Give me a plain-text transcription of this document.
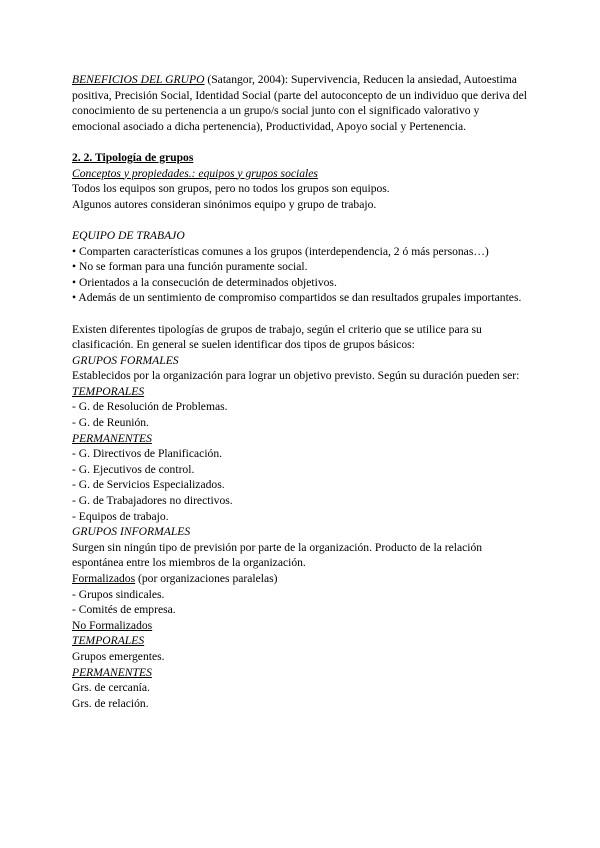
BENEFICIOS DEL GRUPO (Satangor, 2004): Supervivencia, Reducen la ansiedad, Autoestima positiva, Precisión Social, Identidad Social (parte del autoconcepto de un individuo que deriva del conocimiento de su pertenencia a un grupo/s social junto con el significado valorativo y emocional asociado a dicha pertenencia), Productividad, Apoyo social y Pertenencia.

2. 2. Tipología de grupos

Conceptos y propiedades.: equipos y grupos sociales

Todos los equipos son grupos, pero no todos los grupos son equipos.

Algunos autores consideran sinónimos equipo y grupo de trabajo.

EQUIPO DE TRABAJO

• Comparten características comunes a los grupos (interdependencia, 2 ó más personas…)

• No se forman para una función puramente social.

• Orientados a la consecución de determinados objetivos.

• Además de un sentimiento de compromiso compartidos se dan resultados grupales importantes.

Existen diferentes tipologías de grupos de trabajo, según el criterio que se utilice para su clasificación. En general se suelen identificar dos tipos de grupos básicos:

GRUPOS FORMALES

Establecidos por la organización para lograr un objetivo previsto. Según su duración pueden ser:

TEMPORALES

- G. de Resolución de Problemas.

- G. de Reunión.

PERMANENTES

- G. Directivos de Planificación.

- G. Ejecutivos de control.

- G. de Servicios Especializados.

- G. de Trabajadores no directivos.

- Equipos de trabajo.

GRUPOS INFORMALES

Surgen sin ningún tipo de previsión por parte de la organización. Producto de la relación espontánea entre los miembros de la organización.

Formalizados (por organizaciones paralelas)

- Grupos sindicales.

- Comités de empresa.

No Formalizados

TEMPORALES

Grupos emergentes.

PERMANENTES

Grs. de cercanía.

Grs. de relación.
